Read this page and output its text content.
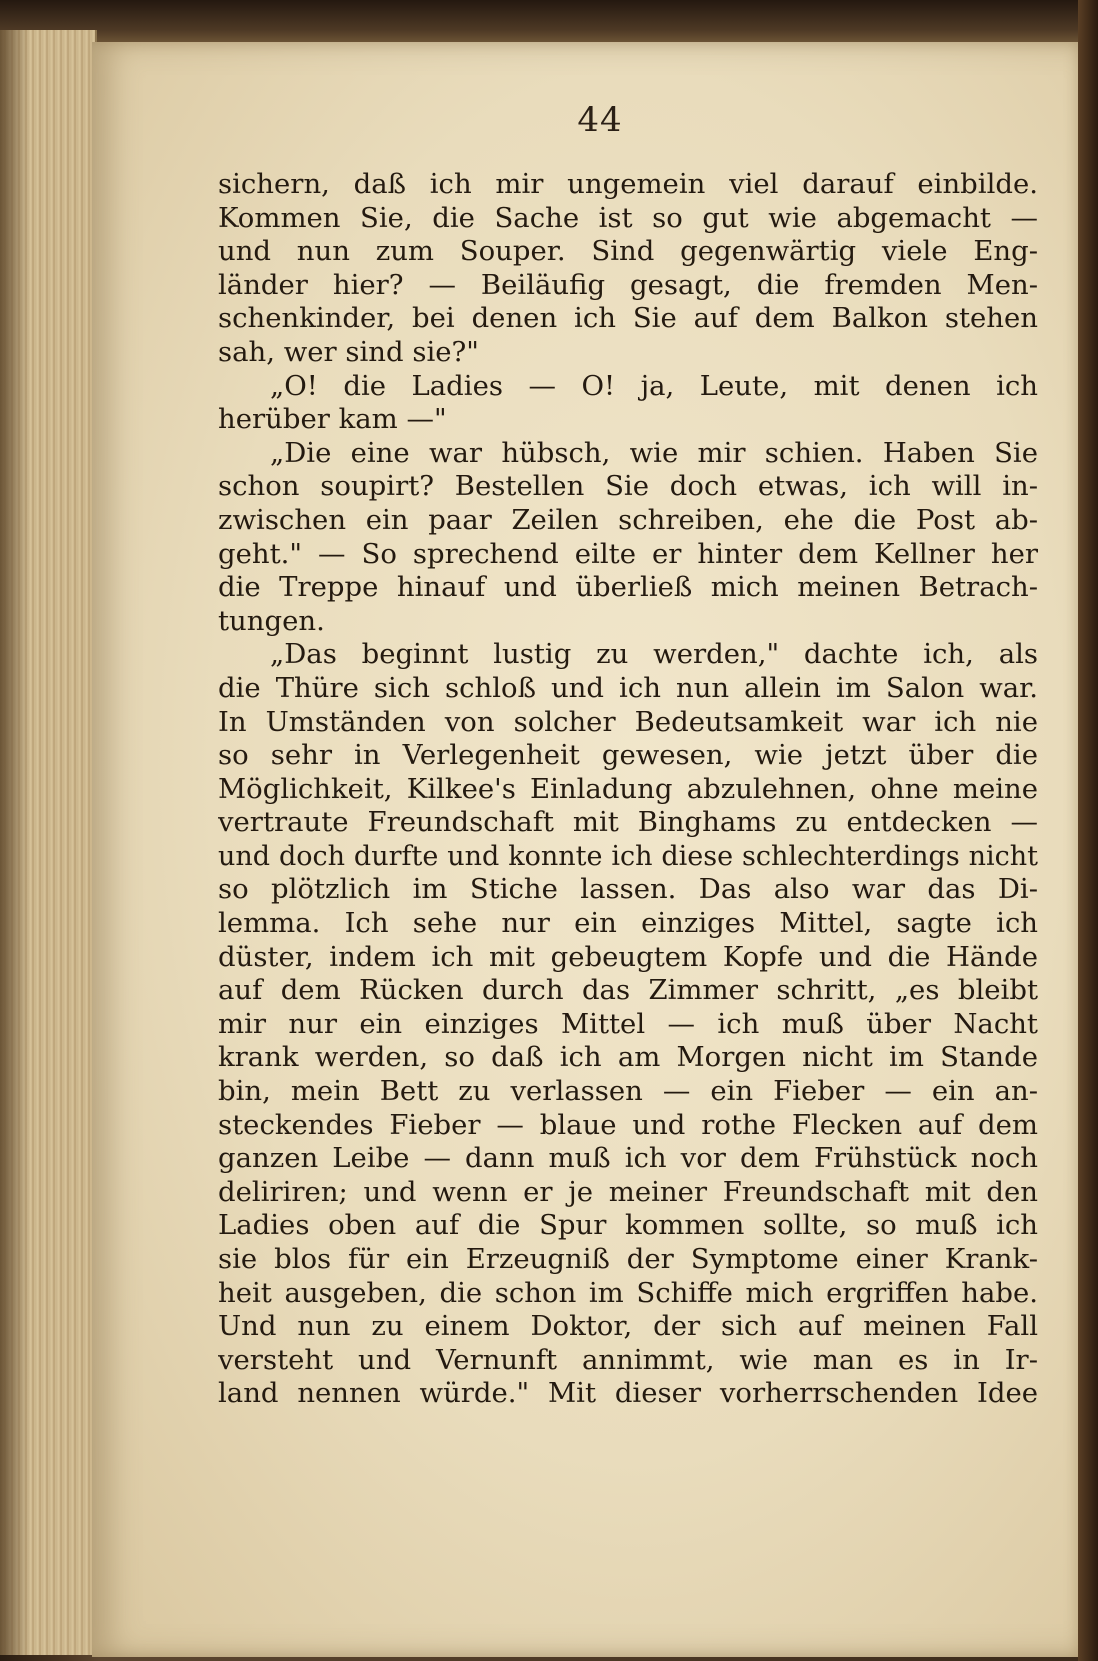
44
sichern, daß ich mir ungemein viel darauf einbilde.
Kommen Sie, die Sache ist so gut wie abgemacht —
und nun zum Souper. Sind gegenwärtig viele Eng-
länder hier? — Beiläufig gesagt, die fremden Men-
schenkinder, bei denen ich Sie auf dem Balkon stehen
sah, wer sind sie?"
„O! die Ladies — O! ja, Leute, mit denen ich
herüber kam —"
„Die eine war hübsch, wie mir schien. Haben Sie
schon soupirt? Bestellen Sie doch etwas, ich will in-
zwischen ein paar Zeilen schreiben, ehe die Post ab-
geht." — So sprechend eilte er hinter dem Kellner her
die Treppe hinauf und überließ mich meinen Betrach-
tungen.
„Das beginnt lustig zu werden," dachte ich, als
die Thüre sich schloß und ich nun allein im Salon war.
In Umständen von solcher Bedeutsamkeit war ich nie
so sehr in Verlegenheit gewesen, wie jetzt über die
Möglichkeit, Kilkee's Einladung abzulehnen, ohne meine
vertraute Freundschaft mit Binghams zu entdecken —
und doch durfte und konnte ich diese schlechterdings nicht
so plötzlich im Stiche lassen. Das also war das Di-
lemma. Ich sehe nur ein einziges Mittel, sagte ich
düster, indem ich mit gebeugtem Kopfe und die Hände
auf dem Rücken durch das Zimmer schritt, „es bleibt
mir nur ein einziges Mittel — ich muß über Nacht
krank werden, so daß ich am Morgen nicht im Stande
bin, mein Bett zu verlassen — ein Fieber — ein an-
steckendes Fieber — blaue und rothe Flecken auf dem
ganzen Leibe — dann muß ich vor dem Frühstück noch
deliriren; und wenn er je meiner Freundschaft mit den
Ladies oben auf die Spur kommen sollte, so muß ich
sie blos für ein Erzeugniß der Symptome einer Krank-
heit ausgeben, die schon im Schiffe mich ergriffen habe.
Und nun zu einem Doktor, der sich auf meinen Fall
versteht und Vernunft annimmt, wie man es in Ir-
land nennen würde." Mit dieser vorherrschenden Idee
